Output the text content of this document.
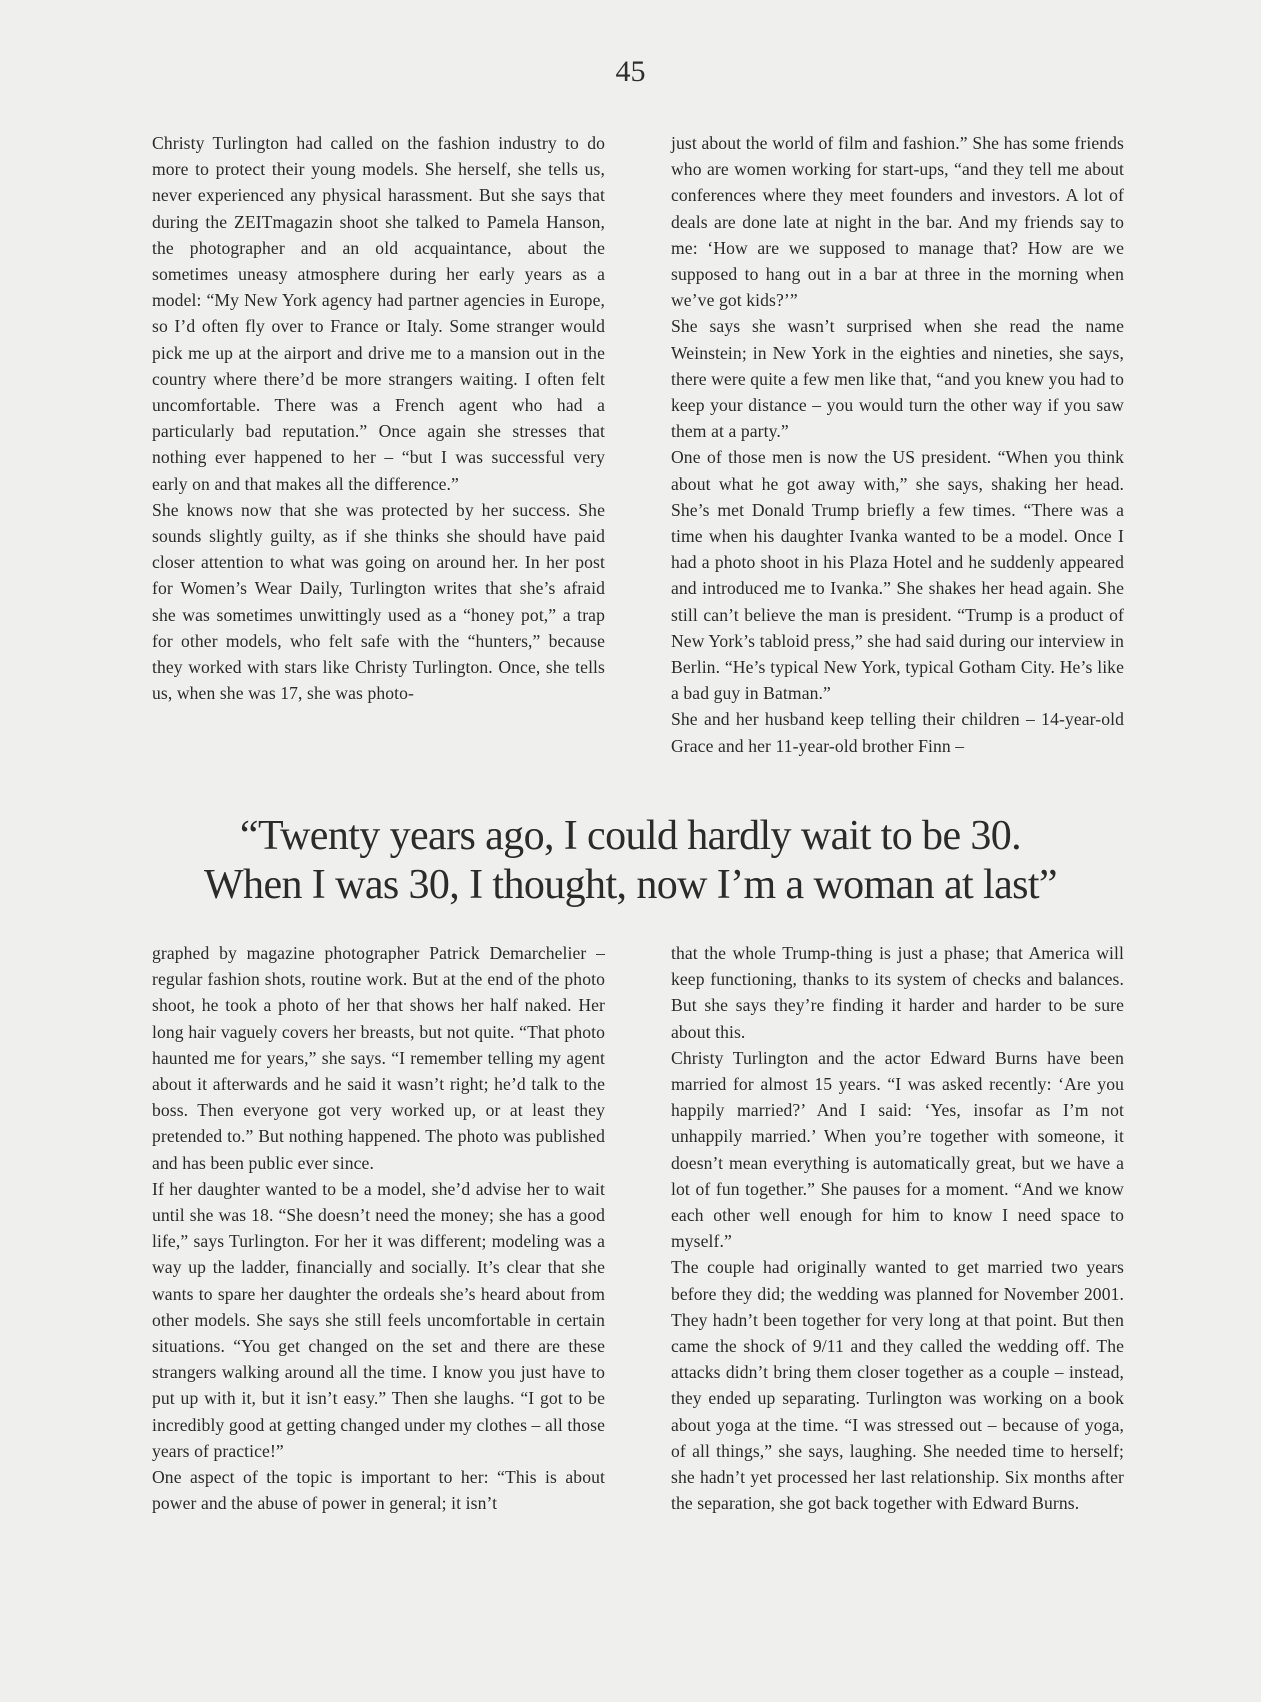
45

Christy Turlington had called on the fashion industry to do more to protect their young models. She herself, she tells us, never experienced any physical harassment. But she says that during the ZEITmagazin shoot she talked to Pamela Hanson, the photographer and an old acquaintance, about the sometimes uneasy atmosphere during her early years as a model: “My New York agency had partner agencies in Europe, so I’d often fly over to France or Italy. Some stranger would pick me up at the airport and drive me to a mansion out in the country where there’d be more strangers waiting. I often felt uncomfortable. There was a French agent who had a particularly bad reputation.” Once again she stresses that nothing ever happened to her – “but I was successful very early on and that makes all the difference.”

She knows now that she was protected by her success. She sounds slightly guilty, as if she thinks she should have paid closer attention to what was going on around her. In her post for Women’s Wear Daily, Turlington writes that she’s afraid she was sometimes unwittingly used as a “honey pot,” a trap for other models, who felt safe with the “hunters,” because they worked with stars like Christy Turlington. Once, she tells us, when she was 17, she was photo-

just about the world of film and fashion.” She has some friends who are women working for start-ups, “and they tell me about conferences where they meet founders and investors. A lot of deals are done late at night in the bar. And my friends say to me: ‘How are we supposed to manage that? How are we supposed to hang out in a bar at three in the morning when we’ve got kids?’”

She says she wasn’t surprised when she read the name Weinstein; in New York in the eighties and nineties, she says, there were quite a few men like that, “and you knew you had to keep your distance – you would turn the other way if you saw them at a party.”

One of those men is now the US president. “When you think about what he got away with,” she says, shaking her head. She’s met Donald Trump briefly a few times. “There was a time when his daughter Ivanka wanted to be a model. Once I had a photo shoot in his Plaza Hotel and he suddenly appeared and introduced me to Ivanka.” She shakes her head again. She still can’t believe the man is president. “Trump is a product of New York’s tabloid press,” she had said during our interview in Berlin. “He’s typical New York, typical Gotham City. He’s like a bad guy in Batman.”

She and her husband keep telling their children – 14-year-old Grace and her 11-year-old brother Finn –

“Twenty years ago, I could hardly wait to be 30.
When I was 30, I thought, now I’m a woman at last”

graphed by magazine photographer Patrick Demarchelier – regular fashion shots, routine work. But at the end of the photo shoot, he took a photo of her that shows her half naked. Her long hair vaguely covers her breasts, but not quite. “That photo haunted me for years,” she says. “I remember telling my agent about it afterwards and he said it wasn’t right; he’d talk to the boss. Then everyone got very worked up, or at least they pretended to.” But nothing happened. The photo was published and has been public ever since.

If her daughter wanted to be a model, she’d advise her to wait until she was 18. “She doesn’t need the money; she has a good life,” says Turlington. For her it was different; modeling was a way up the ladder, financially and socially. It’s clear that she wants to spare her daughter the ordeals she’s heard about from other models. She says she still feels uncomfortable in certain situations. “You get changed on the set and there are these strangers walking around all the time. I know you just have to put up with it, but it isn’t easy.” Then she laughs. “I got to be incredibly good at getting changed under my clothes – all those years of practice!”

One aspect of the topic is important to her: “This is about power and the abuse of power in general; it isn’t

that the whole Trump-thing is just a phase; that America will keep functioning, thanks to its system of checks and balances. But she says they’re finding it harder and harder to be sure about this.

Christy Turlington and the actor Edward Burns have been married for almost 15 years. “I was asked recently: ‘Are you happily married?’ And I said: ‘Yes, insofar as I’m not unhappily married.’ When you’re together with someone, it doesn’t mean everything is automatically great, but we have a lot of fun together.” She pauses for a moment. “And we know each other well enough for him to know I need space to myself.”

The couple had originally wanted to get married two years before they did; the wedding was planned for November 2001. They hadn’t been together for very long at that point. But then came the shock of 9/11 and they called the wedding off. The attacks didn’t bring them closer together as a couple – instead, they ended up separating. Turlington was working on a book about yoga at the time. “I was stressed out – because of yoga, of all things,” she says, laughing. She needed time to herself; she hadn’t yet processed her last relationship. Six months after the separation, she got back together with Edward Burns.
